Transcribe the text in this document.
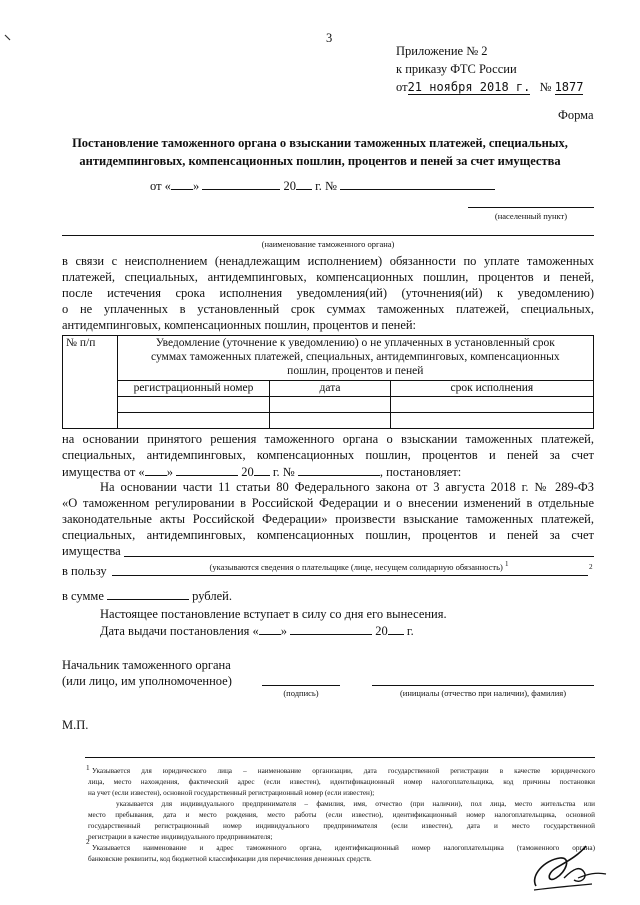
3
Приложение № 2
к приказу ФТС России
от21 ноября 2018 г. № 1877
Форма
Постановление таможенного органа о взыскании таможенных платежей, специальных,
антидемпинговых, компенсационных пошлин, процентов и пеней за счет имущества
от « »	20 г. №
(населенный пункт)
(наименование таможенного органа)
в связи с неисполнением (ненадлежащим исполнением) обязанности по уплате таможенных
платежей, специальных, антидемпинговых, компенсационных пошлин, процентов и пеней,
после истечения срока исполнения уведомления(ий) (уточнения(ий) к уведомлению)
о не уплаченных в установленный срок суммах таможенных платежей, специальных,
антидемпинговых, компенсационных пошлин, процентов и пеней:
№ п/п	Уведомление (уточнение к уведомлению) о не уплаченных в установленный срок
суммах таможенных платежей, специальных, антидемпинговых, компенсационных
пошлин, процентов и пеней		

	регистрационный номер	дата	срок исполнения

на основании принятого решения таможенного органа о взыскании таможенных платежей,
специальных, антидемпинговых, компенсационных пошлин, процентов и пеней за счет
имущества от « »	20 г. №	, постановляет:
На основании части 11 статьи 80 Федерального закона от 3 августа 2018 г. № 289-ФЗ
«О таможенном регулировании в Российской Федерации и о внесении изменений в отдельные
законодательные акты Российской Федерации» произвести взыскание таможенных платежей,
специальных, антидемпинговых, компенсационных пошлин, процентов и пеней за счет
имущества
(указываются сведения о плательщике (лице, несущем солидарную обязанность) $^1$
в пользу	2
в сумме	рублей.
Настоящее постановление вступает в силу со дня его вынесения.
Дата выдачи постановления « »	20 г.
Начальник таможенного органа
(или лицо, им уполномоченное)
(подпись)	(инициалы (отчество при наличии), фамилия)
М.П.
1 Указывается для юридического лица – наименование организации, дата государственной регистрации в качестве юридического
лица, место нахождения, фактический адрес (если известен), идентификационный номер налогоплательщика, код причины постановки
на учет (если известен), основной государственный регистрационный номер (если известен);
указывается для индивидуального предпринимателя – фамилия, имя, отчество (при наличии), пол лица, место жительства или
место пребывания, дата и место рождения, место работы (если известно), идентификационный номер налогоплательщика, основной
государственный регистрационный номер индивидуального предпринимателя (если известен), дата и место государственной
регистрации в качестве индивидуального предпринимателя;
2
Указывается наименование и адрес таможенного органа, идентификационный номер налогоплательщика (таможенного органа)
банковские реквизиты, код бюджетной классификации для перечисления денежных средств.
